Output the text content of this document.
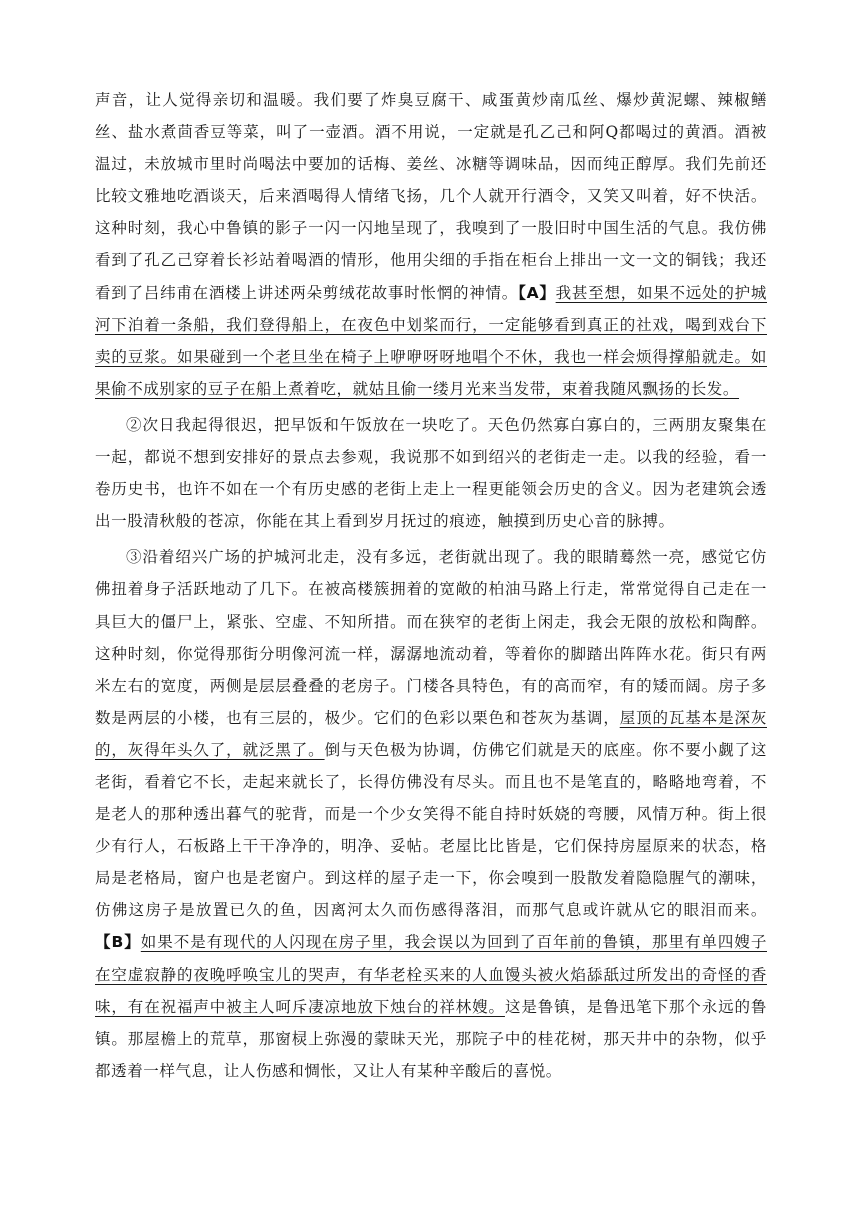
声音，让人觉得亲切和温暖。我们要了炸臭豆腐干、咸蛋黄炒南瓜丝、爆炒黄泥螺、辣椒鳝丝、盐水煮茴香豆等菜，叫了一壶酒。酒不用说，一定就是孔乙己和阿Q都喝过的黄酒。酒被温过，未放城市里时尚喝法中要加的话梅、姜丝、冰糖等调味品，因而纯正醇厚。我们先前还比较文雅地吃酒谈天，后来酒喝得人情绪飞扬，几个人就开行酒令，又笑又叫着，好不快活。这种时刻，我心中鲁镇的影子一闪一闪地呈现了，我嗅到了一股旧时中国生活的气息。我仿佛看到了孔乙己穿着长衫站着喝酒的情形，他用尖细的手指在柜台上排出一文一文的铜钱；我还看到了吕纬甫在酒楼上讲述两朵剪绒花故事时怅惘的神情。【A】我甚至想，如果不远处的护城河下泊着一条船，我们登得船上，在夜色中划桨而行，一定能够看到真正的社戏，喝到戏台下卖的豆浆。如果碰到一个老旦坐在椅子上咿咿呀呀地唱个不休，我也一样会烦得撑船就走。如果偷不成别家的豆子在船上煮着吃，就姑且偷一缕月光来当发带，束着我随风飘扬的长发。

②次日我起得很迟，把早饭和午饭放在一块吃了。天色仍然寡白寡白的，三两朋友聚集在一起，都说不想到安排好的景点去参观，我说那不如到绍兴的老街走一走。以我的经验，看一卷历史书，也许不如在一个有历史感的老街上走上一程更能领会历史的含义。因为老建筑会透出一股清秋般的苍凉，你能在其上看到岁月抚过的痕迹，触摸到历史心音的脉搏。

③沿着绍兴广场的护城河北走，没有多远，老街就出现了。我的眼睛蓦然一亮，感觉它仿佛扭着身子活跃地动了几下。在被高楼簇拥着的宽敞的柏油马路上行走，常常觉得自己走在一具巨大的僵尸上，紧张、空虚、不知所措。而在狭窄的老街上闲走，我会无限的放松和陶醉。这种时刻，你觉得那街分明像河流一样，潺潺地流动着，等着你的脚踏出阵阵水花。街只有两米左右的宽度，两侧是层层叠叠的老房子。门楼各具特色，有的高而窄，有的矮而阔。房子多数是两层的小楼，也有三层的，极少。它们的色彩以栗色和苍灰为基调，屋顶的瓦基本是深灰的，灰得年头久了，就泛黑了。倒与天色极为协调，仿佛它们就是天的底座。你不要小觑了这老街，看着它不长，走起来就长了，长得仿佛没有尽头。而且也不是笔直的，略略地弯着，不是老人的那种透出暮气的驼背，而是一个少女笑得不能自持时妖娆的弯腰，风情万种。街上很少有行人，石板路上干干净净的，明净、妥帖。老屋比比皆是，它们保持房屋原来的状态，格局是老格局，窗户也是老窗户。到这样的屋子走一下，你会嗅到一股散发着隐隐腥气的潮味，仿佛这房子是放置已久的鱼，因离河太久而伤感得落泪，而那气息或许就从它的眼泪而来。【B】如果不是有现代的人闪现在房子里，我会误以为回到了百年前的鲁镇，那里有单四嫂子在空虚寂静的夜晚呼唤宝儿的哭声，有华老栓买来的人血馒头被火焰舔舐过所发出的奇怪的香味，有在祝福声中被主人呵斥凄凉地放下烛台的祥林嫂。这是鲁镇，是鲁迅笔下那个永远的鲁镇。那屋檐上的荒草，那窗棂上弥漫的蒙昧天光，那院子中的桂花树，那天井中的杂物，似乎都透着一样气息，让人伤感和惆怅，又让人有某种辛酸后的喜悦。
